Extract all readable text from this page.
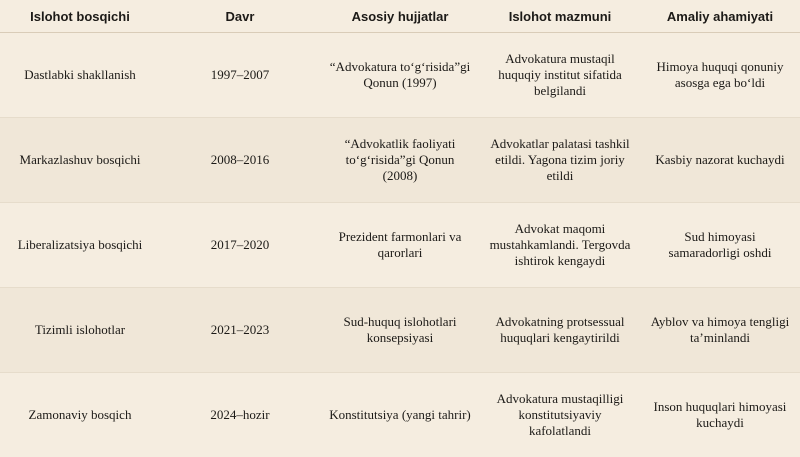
Islohot bosqichi	Davr	Asosiy hujjatlar	Islohot mazmuni	Amaliy ahamiyati
Dastlabki shakllanish	1997–2007	“Advokatura to‘g‘risida”gi Qonun (1997)	Advokatura mustaqil huquqiy institut sifatida belgilandi	Himoya huquqi qonuniy asosga ega bo‘ldi
Markazlashuv bosqichi	2008–2016	“Advokatlik faoliyati to‘g‘risida”gi Qonun (2008)	Advokatlar palatasi tashkil etildi. Yagona tizim joriy etildi	Kasbiy nazorat kuchaydi
Liberalizatsiya bosqichi	2017–2020	Prezident farmonlari va qarorlari	Advokat maqomi mustahkamlandi. Tergovda ishtirok kengaydi	Sud himoyasi samaradorligi oshdi
Tizimli islohotlar	2021–2023	Sud-huquq islohotlari konsepsiyasi	Advokatning protsessual huquqlari kengaytirildi	Ayblov va himoya tengligi ta’minlandi
Zamonaviy bosqich	2024–hozir	Konstitutsiya (yangi tahrir)	Advokatura mustaqilligi konstitutsiyaviy kafolatlandi	Inson huquqlari himoyasi kuchaydi
